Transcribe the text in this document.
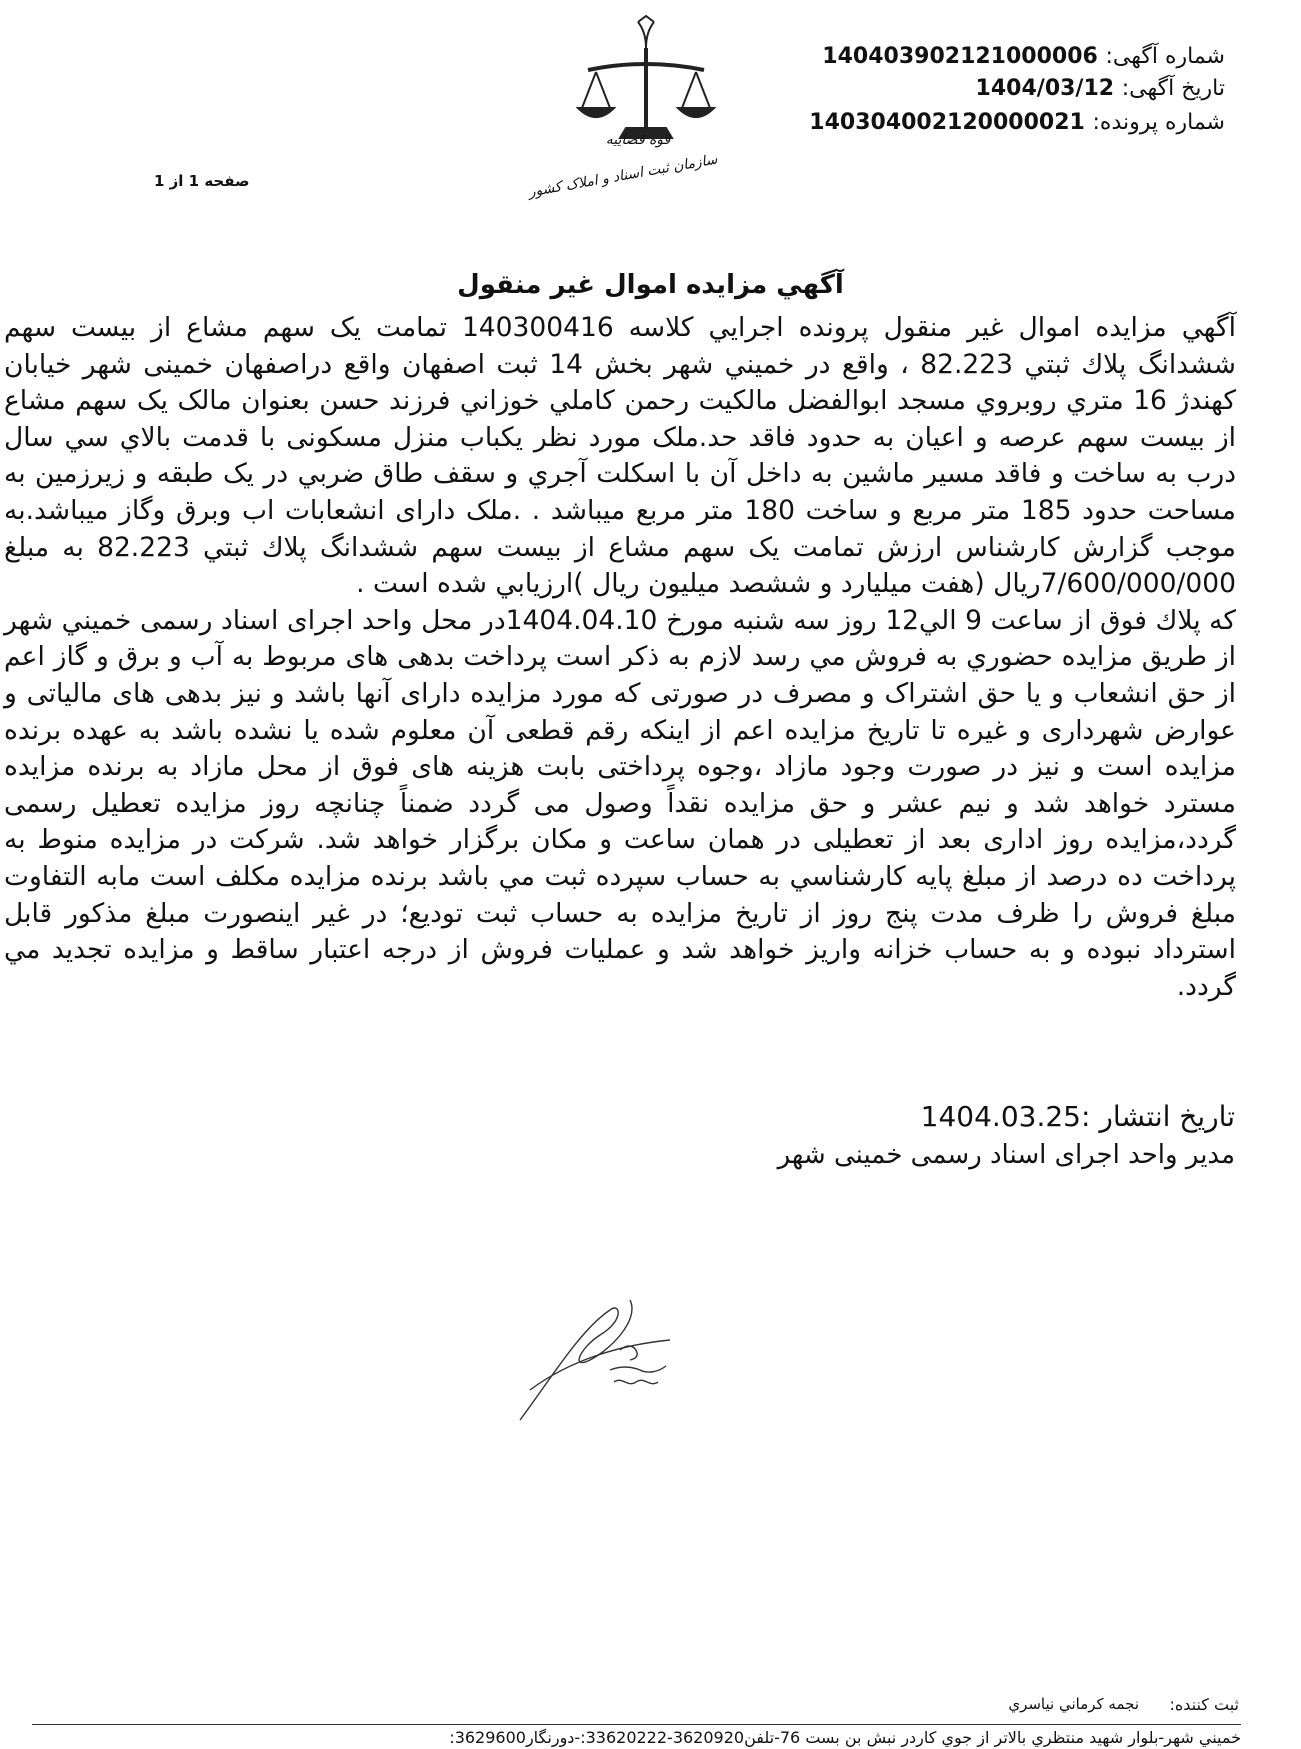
شماره آگهی: 140403902121000006
تاریخ آگهی: 1404/03/12
شماره پرونده: 140304002120000021
صفحه 1 از 1
قوه قضاییه
سازمان ثبت اسناد و املاک کشور
آگهي مزايده اموال غير منقول

آگهي مزايده اموال غير منقول پرونده اجرايي كلاسه 140300416 تمامت یک سهم مشاع از بیست سهم ششدانگ پلاك ثبتي 82.223 ، واقع در خميني شهر بخش 14 ثبت اصفهان واقع دراصفهان خمینی شهر خیابان کهندژ 16 متري روبروي مسجد ابوالفضل مالكيت رحمن كاملي خوزاني فرزند حسن بعنوان مالک يک سهم مشاع از بيست سهم عرصه و اعيان به حدود فاقد حد.ملک مورد نظر يکباب منزل مسکونی با قدمت بالاي سي سال درب به ساخت و فاقد مسير ماشين به داخل آن با اسکلت آجري و سقف طاق ضربي در يک طبقه و زيرزمين به مساحت حدود 185 متر مربع و ساخت 180 متر مربع میباشد . .ملک دارای انشعابات اب وبرق وگاز میباشد.به موجب گزارش کارشناس ارزش تمامت یک سهم مشاع از بیست سهم ششدانگ پلاك ثبتي 82.223 به مبلغ 7/600/000/000ريال (هفت ميليارد و ششصد ميليون ريال )ارزيابي شده است .

كه پلاك فوق از ساعت 9 الي12 روز سه شنبه مورخ 1404.04.10در محل واحد اجرای اسناد رسمی خميني شهر از طريق مزايده حضوري به فروش مي رسد لازم به ذكر است پرداخت بدهی های مربوط به آب و برق و گاز اعم از حق انشعاب و یا حق اشتراک و مصرف در صورتی که مورد مزایده دارای آنها باشد و نیز بدهی های مالیاتی و عوارض شهرداری و غیره تا تاریخ مزایده اعم از اینکه رقم قطعی آن معلوم شده یا نشده باشد به عهده برنده مزایده است و نیز در صورت وجود مازاد ،وجوه پرداختی بابت هزینه های فوق از محل مازاد به برنده مزایده مسترد خواهد شد و نیم عشر و حق مزایده نقداً وصول می گردد ضمناً چنانچه روز مزایده تعطیل رسمی گردد،مزایده روز اداری بعد از تعطیلی در همان ساعت و مکان برگزار خواهد شد. شركت در مزايده منوط به پرداخت ده درصد از مبلغ پايه كارشناسي به حساب سپرده ثبت مي باشد برنده مزایده مکلف است مابه التفاوت مبلغ فروش را ظرف مدت پنج روز از تاریخ مزایده به حساب ثبت تودیع؛ در غیر اینصورت مبلغ مذکور قابل استرداد نبوده و به حساب خزانه واریز خواهد شد و عملیات فروش از درجه اعتبار ساقط و مزایده تجدید مي گردد.

تاريخ انتشار :1404.03.25
مدير واحد اجرای اسناد رسمی خمینی شهر
ثبت کننده:
نجمه كرماني نياسري
خميني شهر-بلوار شهيد منتظري بالاتر از جوي كاردر نبش بن بست 76-تلفن3620920-33620222:-دورنگار3629600:
